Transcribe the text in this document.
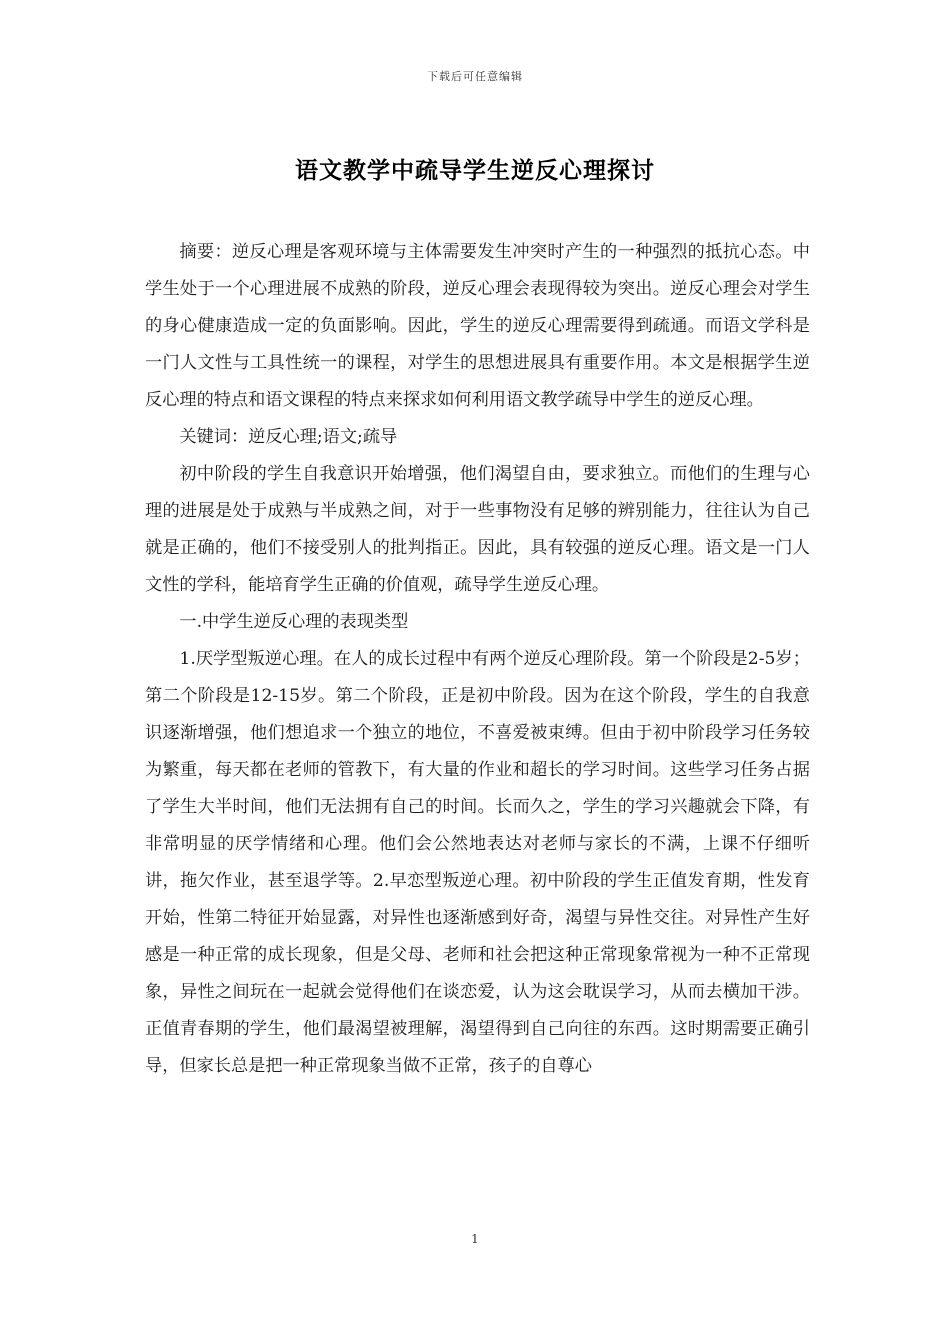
下载后可任意编辑
语文教学中疏导学生逆反心理探讨

摘要：逆反心理是客观环境与主体需要发生冲突时产生的一种强烈的抵抗心态。中学生处于一个心理进展不成熟的阶段，逆反心理会表现得较为突出。逆反心理会对学生的身心健康造成一定的负面影响。因此，学生的逆反心理需要得到疏通。而语文学科是一门人文性与工具性统一的课程，对学生的思想进展具有重要作用。本文是根据学生逆反心理的特点和语文课程的特点来探求如何利用语文教学疏导中学生的逆反心理。

关键词：逆反心理;语文;疏导

初中阶段的学生自我意识开始增强，他们渴望自由，要求独立。而他们的生理与心理的进展是处于成熟与半成熟之间，对于一些事物没有足够的辨别能力，往往认为自己就是正确的，他们不接受别人的批判指正。因此，具有较强的逆反心理。语文是一门人文性的学科，能培育学生正确的价值观，疏导学生逆反心理。

一.中学生逆反心理的表现类型

1.厌学型叛逆心理。在人的成长过程中有两个逆反心理阶段。第一个阶段是2-5岁；第二个阶段是12-15岁。第二个阶段，正是初中阶段。因为在这个阶段，学生的自我意识逐渐增强，他们想追求一个独立的地位，不喜爱被束缚。但由于初中阶段学习任务较为繁重，每天都在老师的管教下，有大量的作业和超长的学习时间。这些学习任务占据了学生大半时间，他们无法拥有自己的时间。长而久之，学生的学习兴趣就会下降，有非常明显的厌学情绪和心理。他们会公然地表达对老师与家长的不满，上课不仔细听讲，拖欠作业，甚至退学等。2.早恋型叛逆心理。初中阶段的学生正值发育期，性发育开始，性第二特征开始显露，对异性也逐渐感到好奇，渴望与异性交往。对异性产生好感是一种正常的成长现象，但是父母、老师和社会把这种正常现象常视为一种不正常现象，异性之间玩在一起就会觉得他们在谈恋爱，认为这会耽误学习，从而去横加干涉。正值青春期的学生，他们最渴望被理解，渴望得到自己向往的东西。这时期需要正确引导，但家长总是把一种正常现象当做不正常，孩子的自尊心

1
